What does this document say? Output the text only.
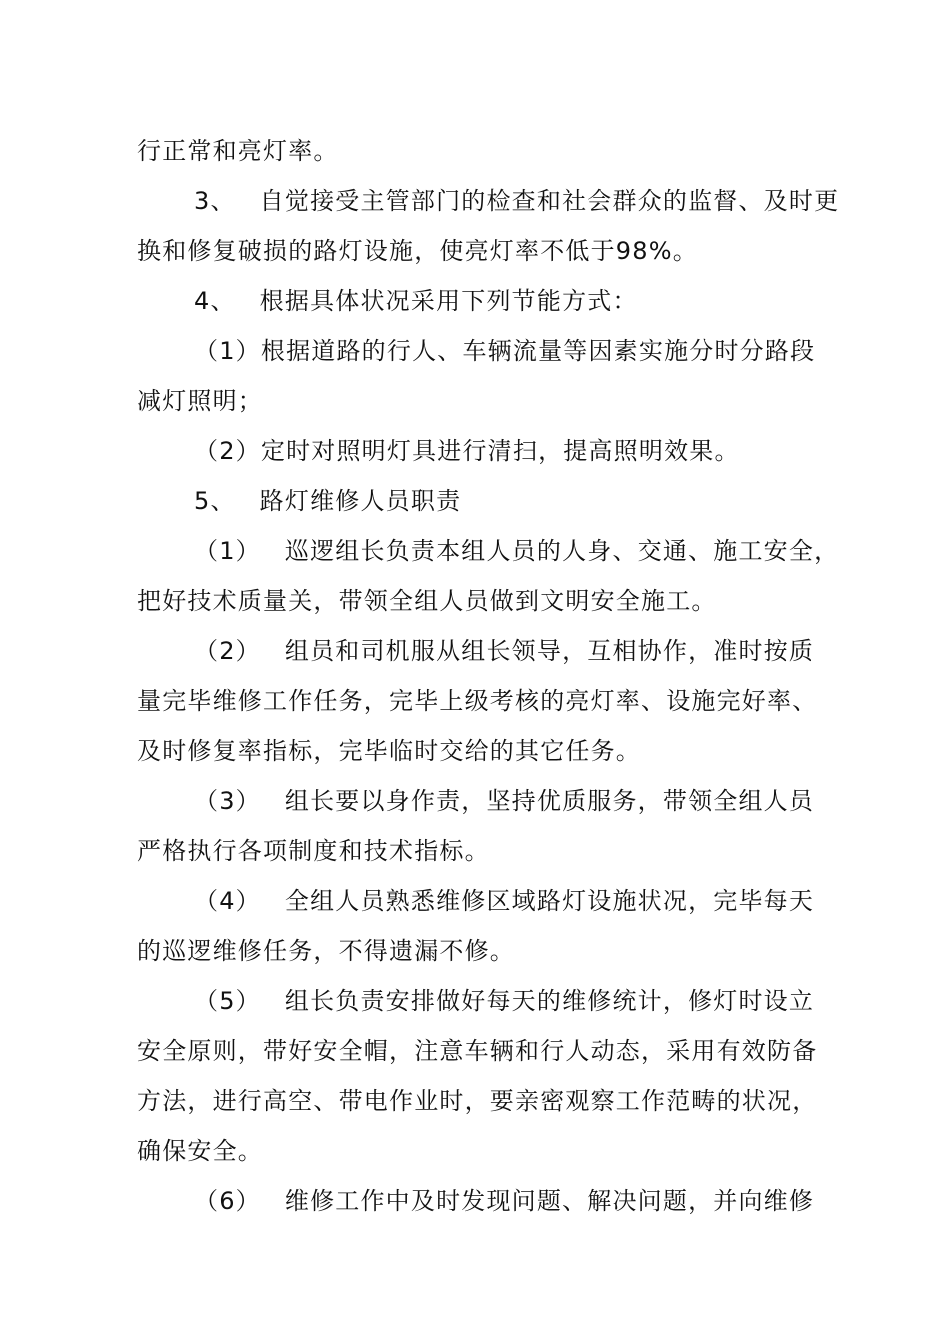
行正常和亮灯率。
3、 自觉接受主管部门的检查和社会群众的监督、及时更
换和修复破损的路灯设施，使亮灯率不低于98%。
4、 根据具体状况采用下列节能方式：
（1）根据道路的行人、车辆流量等因素实施分时分路段
减灯照明；
（2）定时对照明灯具进行清扫，提高照明效果。
5、 路灯维修人员职责
（1） 巡逻组长负责本组人员的人身、交通、施工安全，
把好技术质量关，带领全组人员做到文明安全施工。
（2） 组员和司机服从组长领导，互相协作，准时按质
量完毕维修工作任务，完毕上级考核的亮灯率、设施完好率、
及时修复率指标，完毕临时交给的其它任务。
（3） 组长要以身作责，坚持优质服务，带领全组人员
严格执行各项制度和技术指标。
（4） 全组人员熟悉维修区域路灯设施状况，完毕每天
的巡逻维修任务，不得遗漏不修。
（5） 组长负责安排做好每天的维修统计，修灯时设立
安全原则，带好安全帽，注意车辆和行人动态，采用有效防备
方法，进行高空、带电作业时，要亲密观察工作范畴的状况，
确保安全。
（6） 维修工作中及时发现问题、解决问题，并向维修
